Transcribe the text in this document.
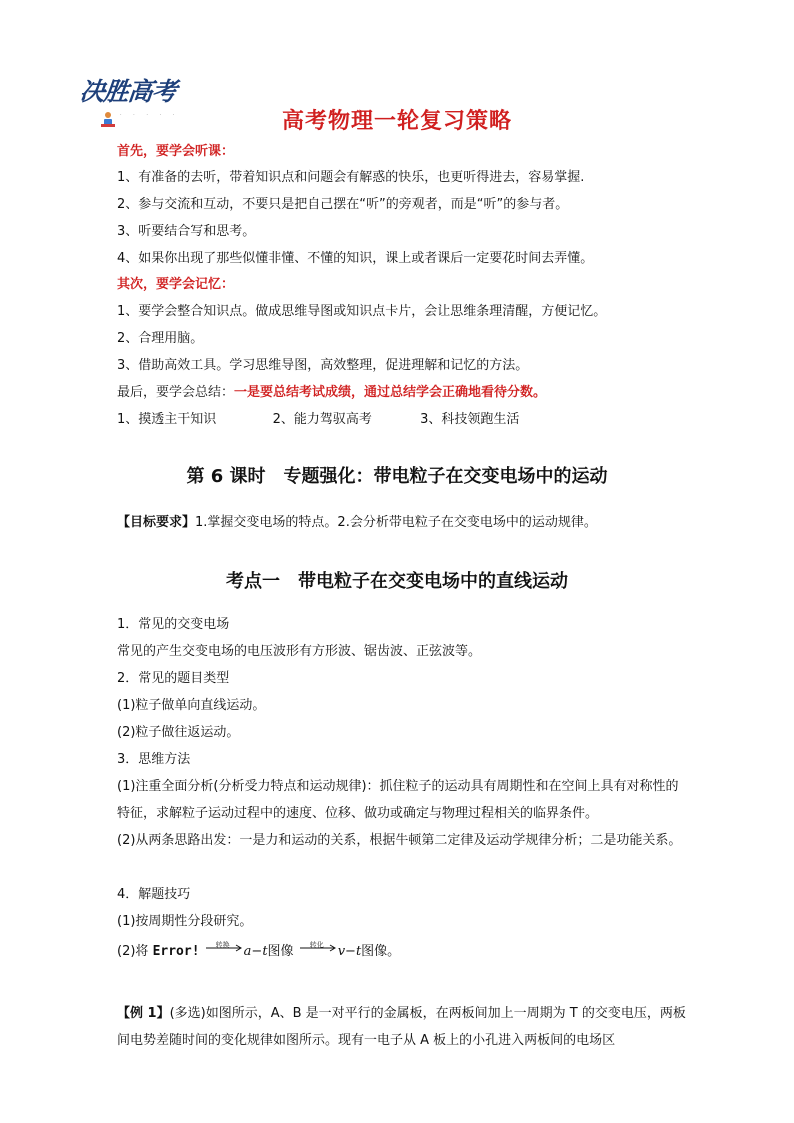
决胜高考
· · · · ·	高考物理一轮复习策略
首先，要学会听课：
1、有准备的去听，带着知识点和问题会有解惑的快乐，也更听得进去，容易掌握.
2、参与交流和互动，不要只是把自己摆在“听”的旁观者，而是“听”的参与者。
3、听要结合写和思考。
4、如果你出现了那些似懂非懂、不懂的知识，课上或者课后一定要花时间去弄懂。
其次，要学会记忆：
1、要学会整合知识点。做成思维导图或知识点卡片，会让思维条理清醒，方便记忆。
2、合理用脑。
3、借助高效工具。学习思维导图，高效整理，促进理解和记忆的方法。
最后，要学会总结：一是要总结考试成绩，通过总结学会正确地看待分数。
1、摸透主干知识	2、能力驾驭高考	3、科技领跑生活
第 6 课时　专题强化：带电粒子在交变电场中的运动
【目标要求】1.掌握交变电场的特点。2.会分析带电粒子在交变电场中的运动规律。
考点一　带电粒子在交变电场中的直线运动
1．常见的交变电场
常见的产生交变电场的电压波形有方形波、锯齿波、正弦波等。
2．常见的题目类型
(1)粒子做单向直线运动。
(2)粒子做往返运动。
3．思维方法
(1)注重全面分析(分析受力特点和运动规律)：抓住粒子的运动具有周期性和在空间上具有对称性的特征，求解粒子运动过程中的速度、位移、做功或确定与物理过程相关的临界条件。
(2)从两条思路出发：一是力和运动的关系，根据牛顿第二定律及运动学规律分析；二是功能关系。
4．解题技巧
(1)按周期性分段研究。
(2)将 Error! 转换 a−t图像 转化 v−t图像。
【例 1】(多选)如图所示，A、B 是一对平行的金属板，在两板间加上一周期为 T 的交变电压，两板间电势差随时间的变化规律如图所示。现有一电子从 A 板上的小孔进入两板间的电场区
